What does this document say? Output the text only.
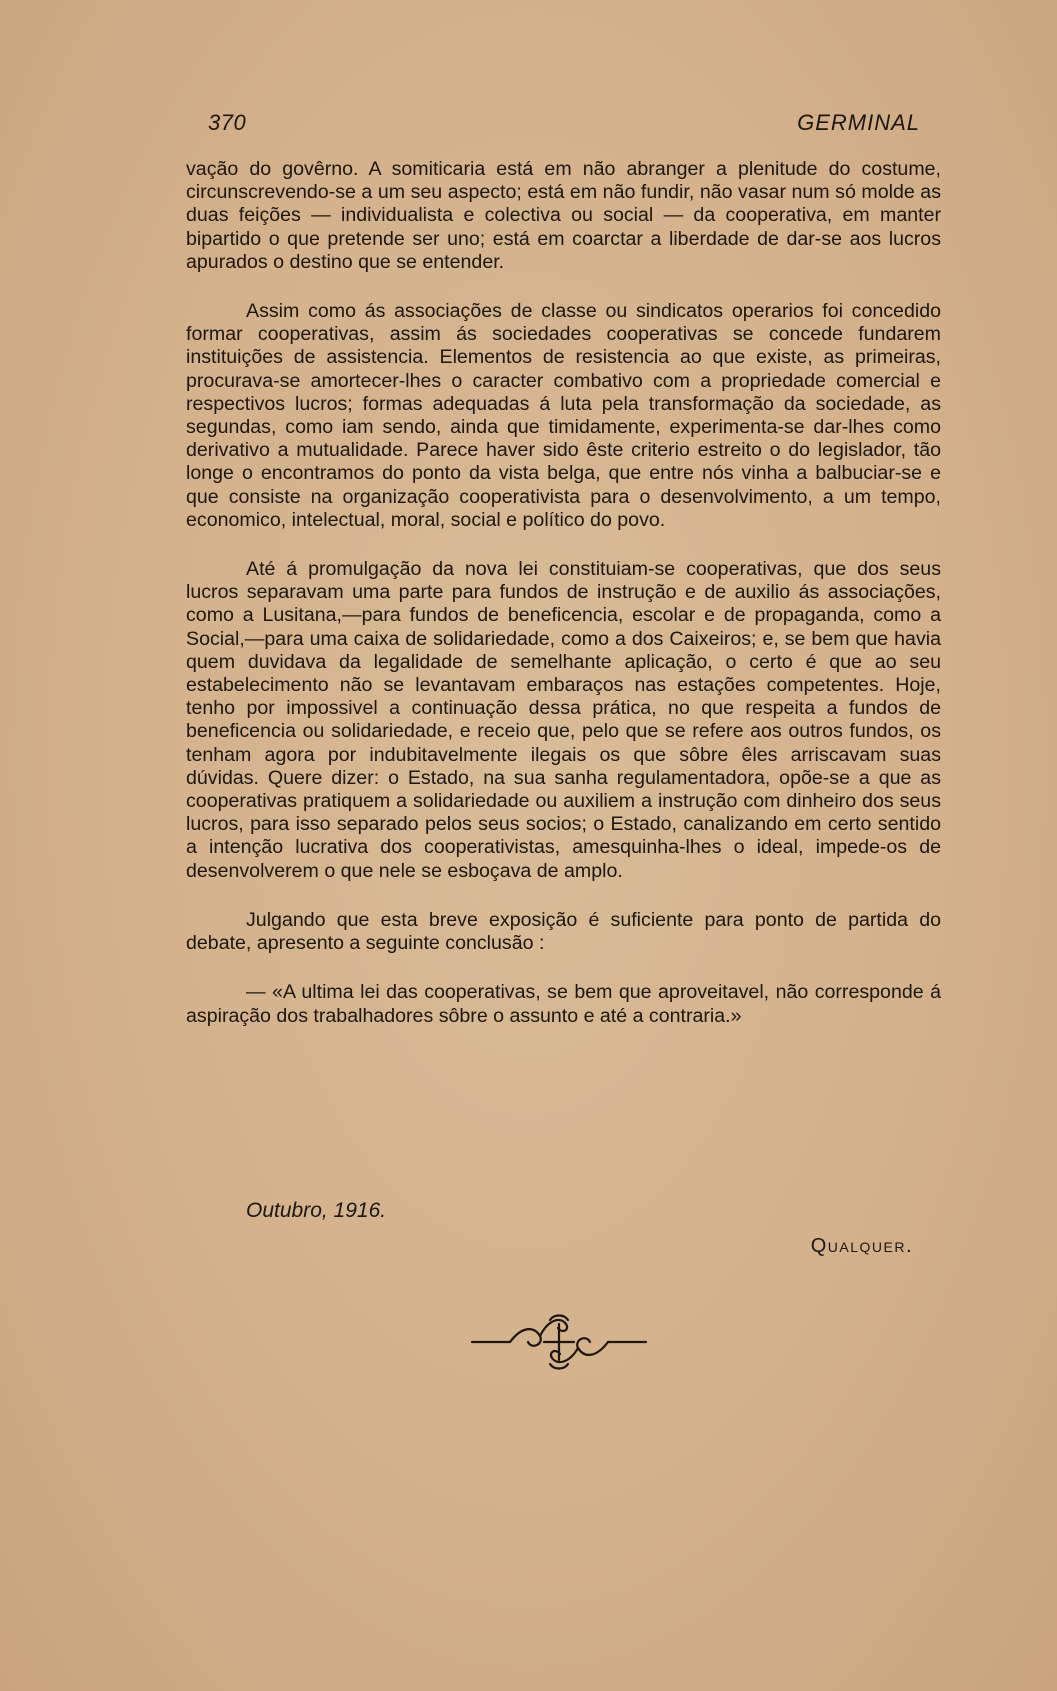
370	GERMINAL

vação do govêrno. A somiticaria está em não abranger a plenitude do costume, circunscrevendo-se a um seu aspecto; está em não fundir, não vasar num só molde as duas feições — individualista e colectiva ou social — da cooperativa, em manter bipartido o que pretende ser uno; está em coarctar a liberdade de dar-se aos lucros apurados o destino que se entender.

Assim como ás associações de classe ou sindicatos operarios foi concedido formar cooperativas, assim ás sociedades cooperativas se concede fundarem instituições de assistencia. Elementos de resistencia ao que existe, as primeiras, procurava-se amortecer-lhes o caracter combativo com a propriedade comercial e respectivos lucros; formas adequadas á luta pela transformação da sociedade, as segundas, como iam sendo, ainda que timidamente, experimenta-se dar-lhes como derivativo a mutualidade. Parece haver sido êste criterio estreito o do legislador, tão longe o encontramos do ponto da vista belga, que entre nós vinha a balbuciar-se e que consiste na organização cooperativista para o desenvolvimento, a um tempo, economico, intelectual, moral, social e político do povo.

Até á promulgação da nova lei constituiam-se cooperativas, que dos seus lucros separavam uma parte para fundos de instrução e de auxilio ás associações, como a Lusitana,—para fundos de beneficencia, escolar e de propaganda, como a Social,—para uma caixa de solidariedade, como a dos Caixeiros; e, se bem que havia quem duvidava da legalidade de semelhante aplicação, o certo é que ao seu estabelecimento não se levantavam embaraços nas estações competentes. Hoje, tenho por impossivel a continuação dessa prática, no que respeita a fundos de beneficencia ou solidariedade, e receio que, pelo que se refere aos outros fundos, os tenham agora por indubitavelmente ilegais os que sôbre êles arriscavam suas dúvidas. Quere dizer: o Estado, na sua sanha regulamentadora, opõe-se a que as cooperativas pratiquem a solidariedade ou auxiliem a instrução com dinheiro dos seus lucros, para isso separado pelos seus socios; o Estado, canalizando em certo sentido a intenção lucrativa dos cooperativistas, amesquinha-lhes o ideal, impede-os de desenvolverem o que nele se esboçava de amplo.

Julgando que esta breve exposição é suficiente para ponto de partida do debate, apresento a seguinte conclusão :

— «A ultima lei das cooperativas, se bem que aproveitavel, não corresponde á aspiração dos trabalhadores sôbre o assunto e até a contraria.»

Outubro, 1916.
Qualquer.
